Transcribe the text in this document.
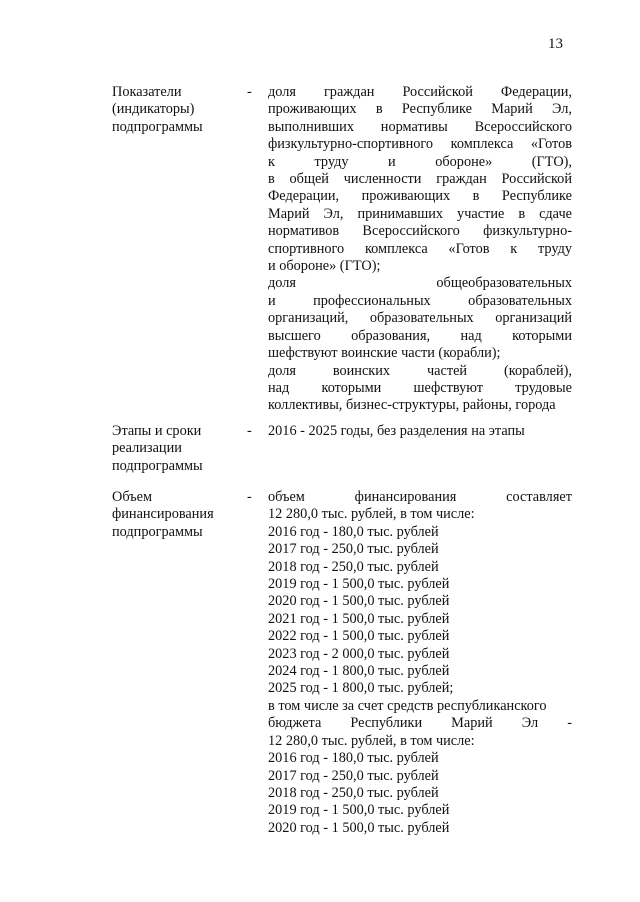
13
Показатели
(индикаторы)
подпрограммы
- доля граждан Российской Федерации,
проживающих в Республике Марий Эл,
выполнивших нормативы Всероссийского
физкультурно-спортивного комплекса «Готов
к труду и обороне» (ГТО),
в общей численности граждан Российской
Федерации, проживающих в Республике
Марий Эл, принимавших участие в сдаче
нормативов Всероссийского физкультурно-
спортивного комплекса «Готов к труду
и обороне» (ГТО);
доля общеобразовательных
и профессиональных образовательных
организаций, образовательных организаций
высшего образования, над которыми
шефствуют воинские части (корабли);
доля воинских частей (кораблей),
над которыми шефствуют трудовые
коллективы, бизнес-структуры, районы, города
Этапы и сроки
реализации
подпрограммы
- 2016 - 2025 годы, без разделения на этапы
Объем
финансирования
подпрограммы
- объем финансирования составляет
12 280,0 тыс. рублей, в том числе:
2016 год - 180,0 тыс. рублей
2017 год - 250,0 тыс. рублей
2018 год - 250,0 тыс. рублей
2019 год - 1 500,0 тыс. рублей
2020 год - 1 500,0 тыс. рублей
2021 год - 1 500,0 тыс. рублей
2022 год - 1 500,0 тыс. рублей
2023 год - 2 000,0 тыс. рублей
2024 год - 1 800,0 тыс. рублей
2025 год - 1 800,0 тыс. рублей;
в том числе за счет средств республиканского
бюджета Республики Марий Эл -
12 280,0 тыс. рублей, в том числе:
2016 год - 180,0 тыс. рублей
2017 год - 250,0 тыс. рублей
2018 год - 250,0 тыс. рублей
2019 год - 1 500,0 тыс. рублей
2020 год - 1 500,0 тыс. рублей
